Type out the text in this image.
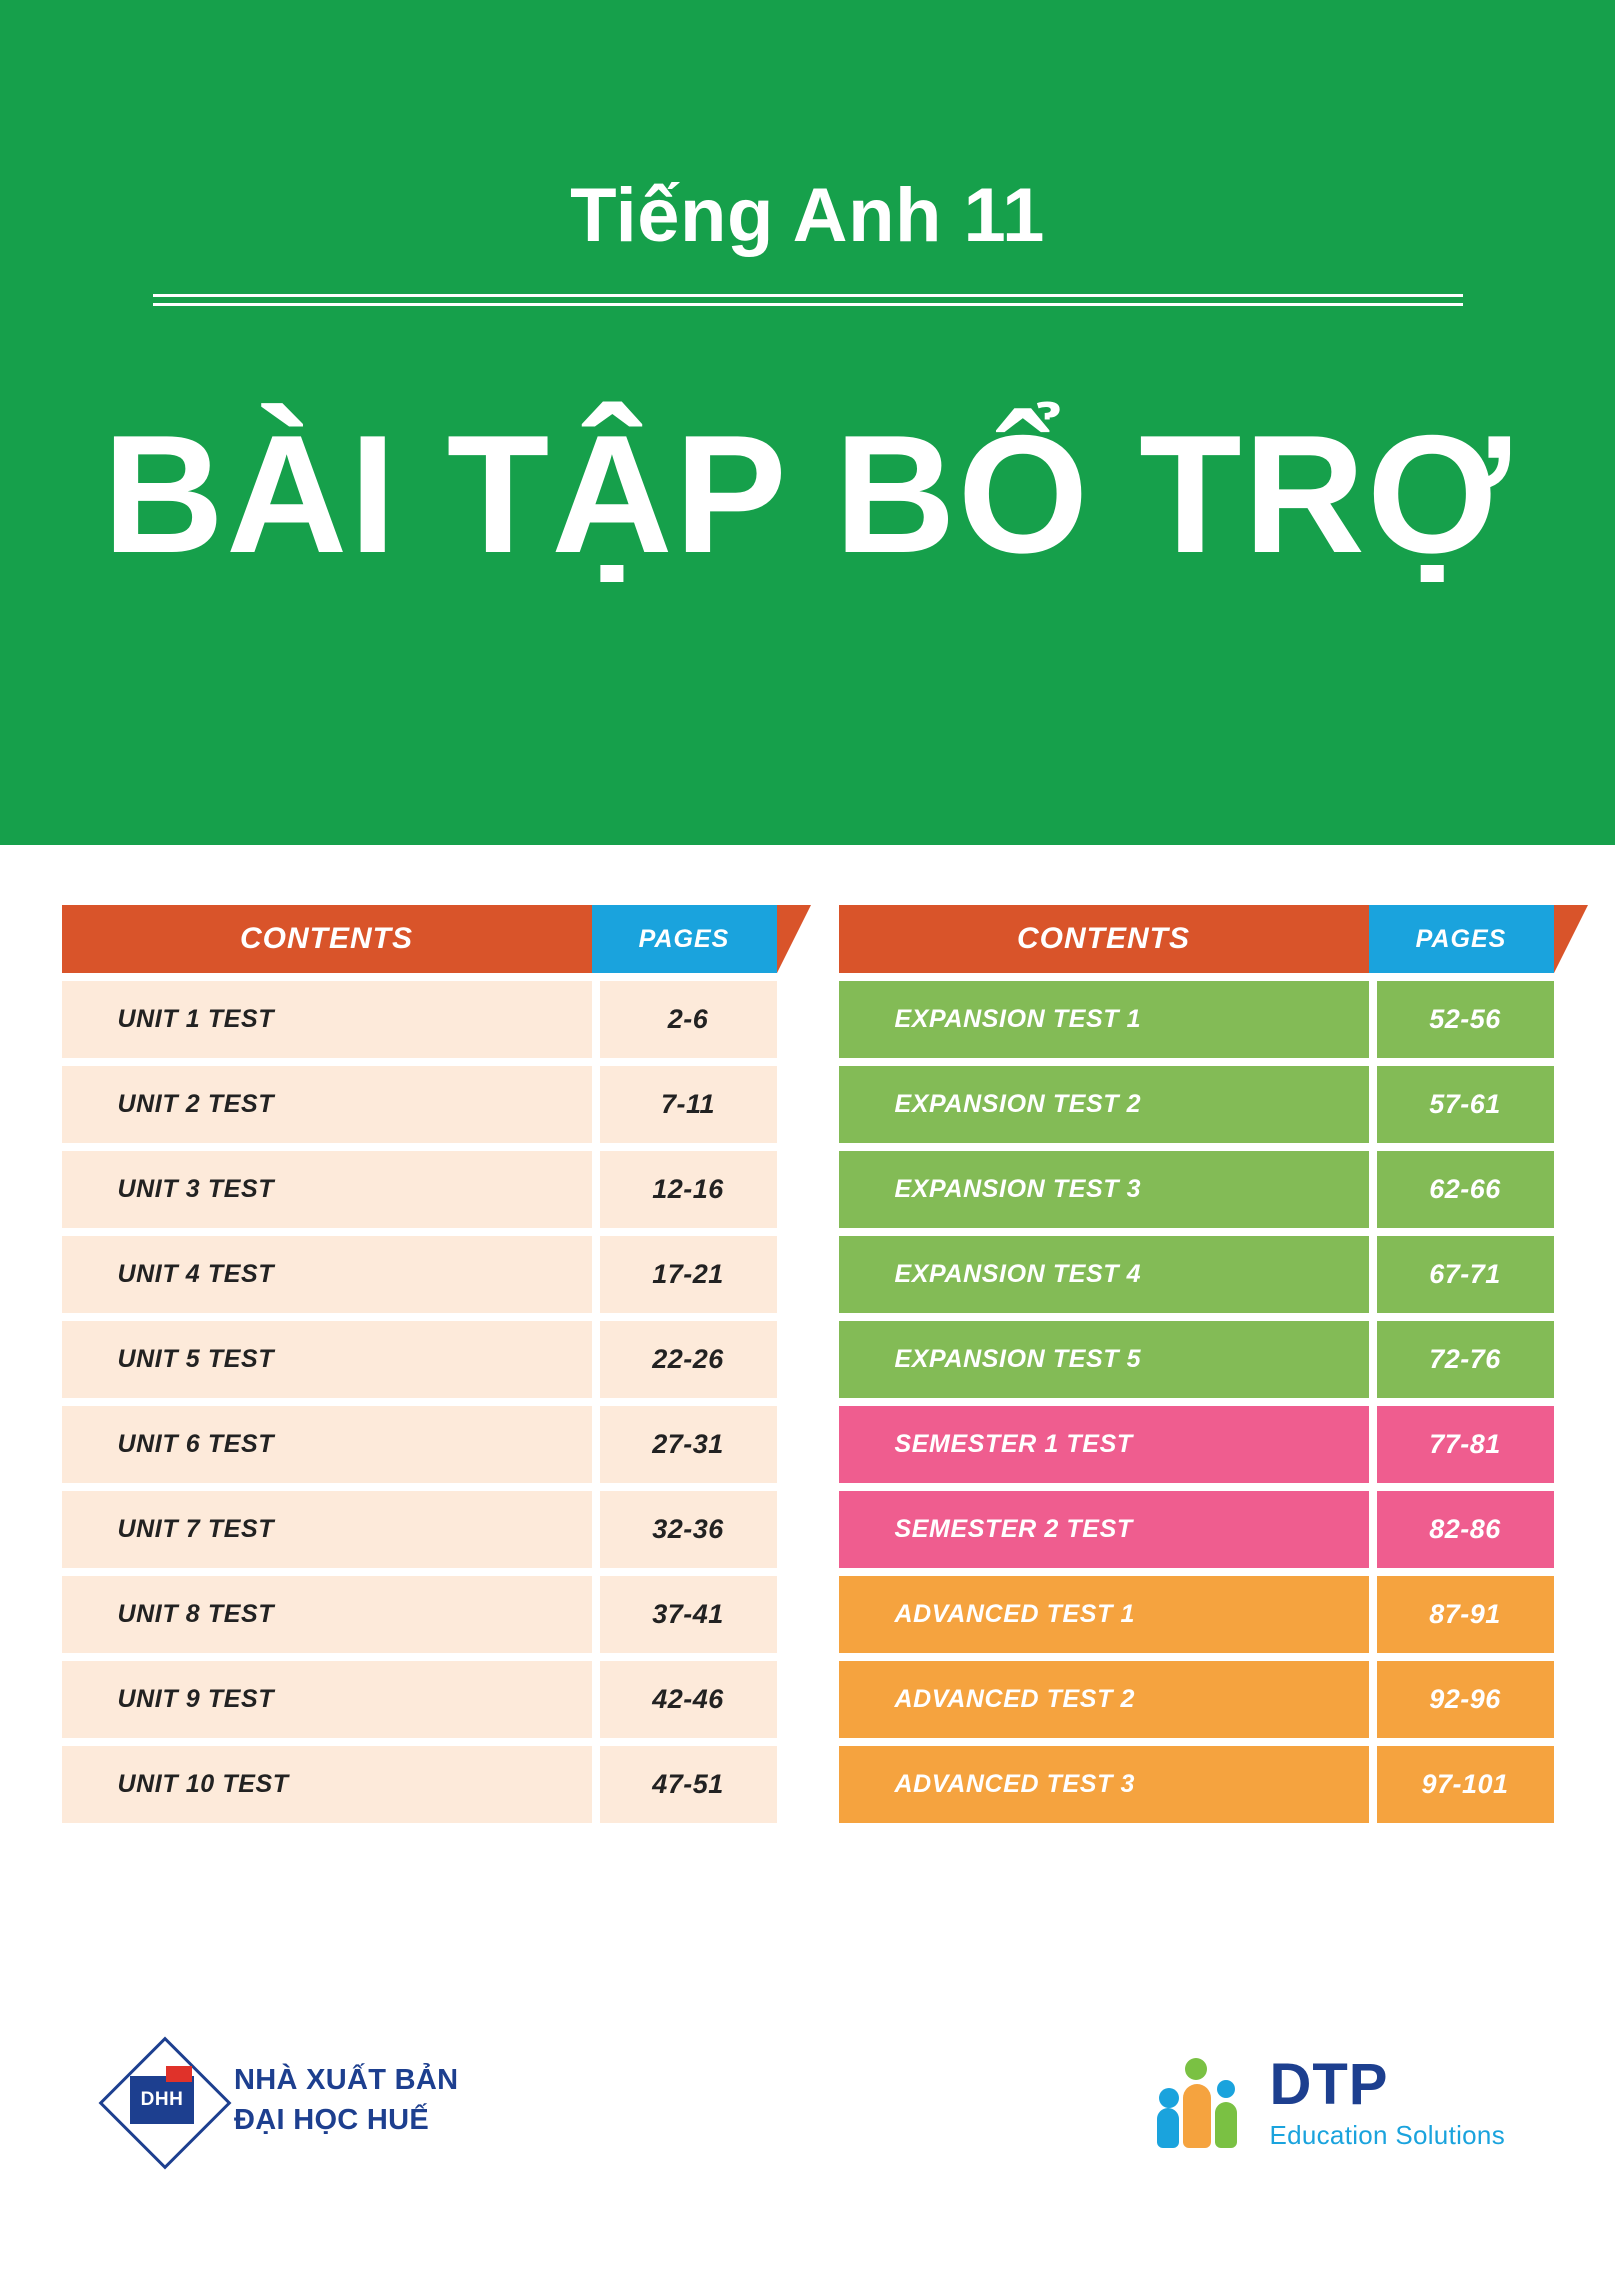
Tiếng Anh 11
BÀI TẬP BỔ TRỢ
CONTENTS	PAGES
UNIT 1 TEST	2-6
UNIT 2 TEST	7-11
UNIT 3 TEST	12-16
UNIT 4 TEST	17-21
UNIT 5 TEST	22-26
UNIT 6 TEST	27-31
UNIT 7 TEST	32-36
UNIT 8 TEST	37-41
UNIT 9 TEST	42-46
UNIT 10 TEST	47-51
CONTENTS	PAGES
EXPANSION TEST 1	52-56
EXPANSION TEST 2	57-61
EXPANSION TEST 3	62-66
EXPANSION TEST 4	67-71
EXPANSION TEST 5	72-76
SEMESTER 1 TEST	77-81
SEMESTER 2 TEST	82-86
ADVANCED TEST 1	87-91
ADVANCED TEST 2	92-96
ADVANCED TEST 3	97-101
DHH
NHÀ XUẤT BẢN
ĐẠI HỌC HUẾ
DTP
Education Solutions
